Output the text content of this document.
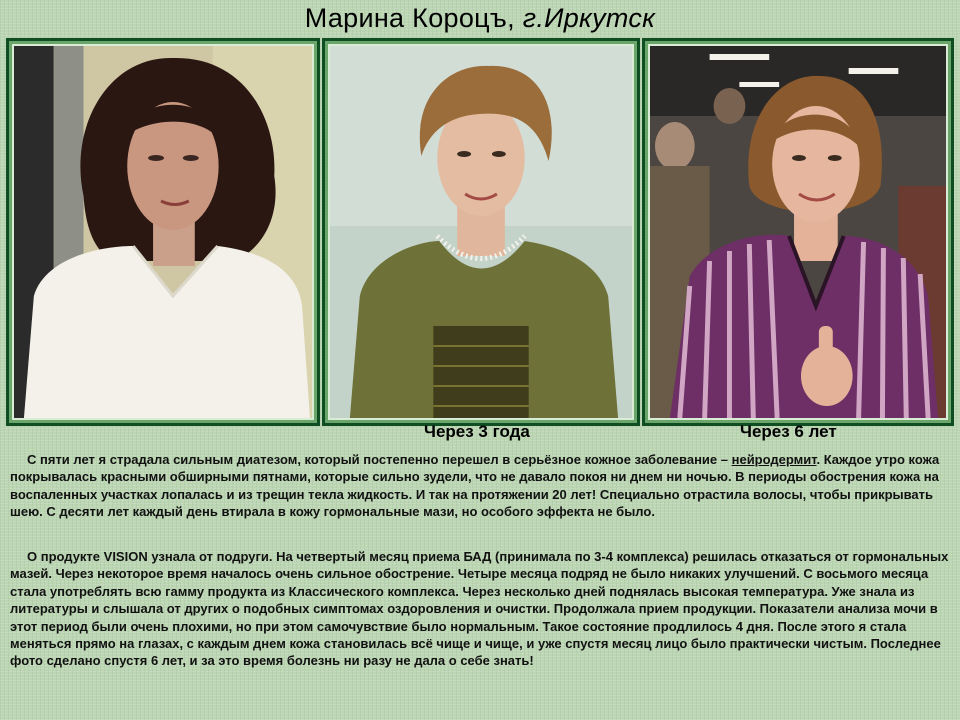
Марина Короцъ, г.Иркутск
Через 3 года	Через 6 лет

С пяти лет я страдала сильным диатезом, который постепенно перешел в серьёзное кожное заболевание – нейродермит. Каждое утро кожа покрывалась красными обширными пятнами, которые сильно зудели, что не давало покоя ни днем ни ночью. В периоды обострения кожа на воспаленных участках лопалась и из трещин текла жидкость. И так на протяжении 20 лет! Специально отрастила волосы, чтобы прикрывать шею. С десяти лет каждый день втирала в кожу гормональные мази, но особого эффекта не было.

О продукте VISION узнала от подруги. На четвертый месяц приема БАД (принимала по 3-4 комплекса) решилась отказаться от гормональных мазей. Через некоторое время началось очень сильное обострение. Четыре месяца подряд не было никаких улучшений. С восьмого месяца стала употреблять всю гамму продукта из Классического комплекса. Через несколько дней поднялась высокая температура. Уже знала из литературы и слышала от других о подобных симптомах оздоровления и очистки. Продолжала прием продукции. Показатели анализа мочи в этот период были очень плохими, но при этом самочувствие было нормальным. Такое состояние продлилось 4 дня. После этого я стала меняться прямо на глазах, с каждым днем кожа становилась всё чище и чище, и уже спустя месяц лицо было практически чистым. Последнее фото сделано спустя 6 лет, и за это время болезнь ни разу не дала о себе знать!
